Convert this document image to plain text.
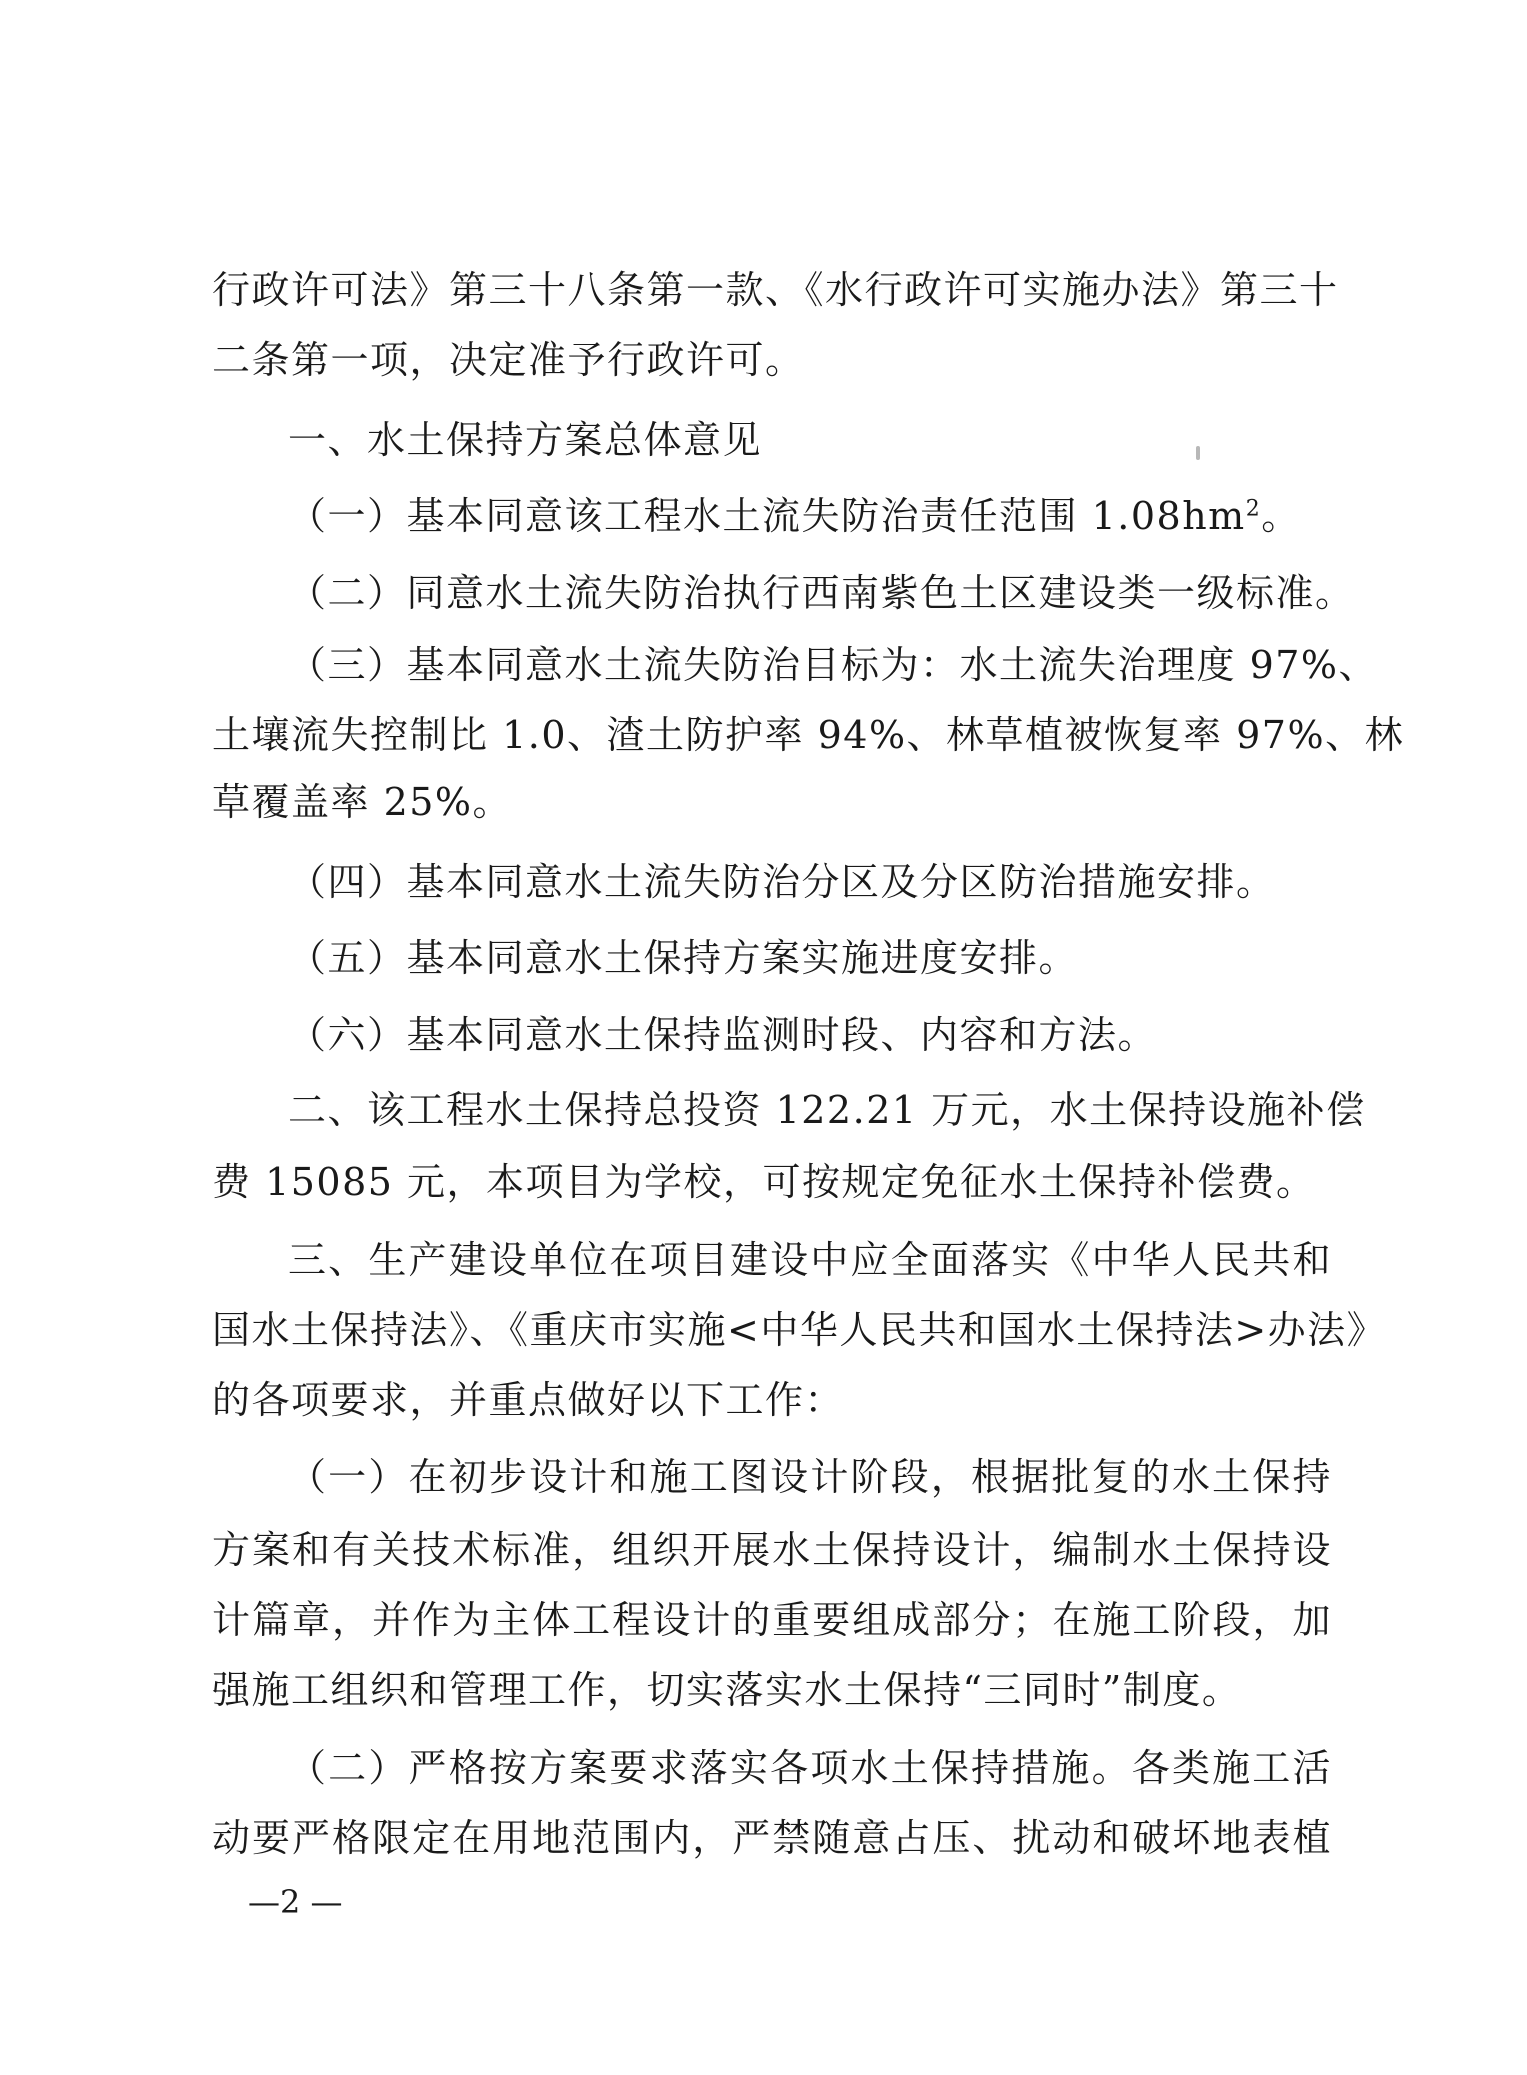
行政许可法》第三十八条第一款、《水行政许可实施办法》第三十
二条第一项，决定准予行政许可。
一、水土保持方案总体意见
（一）基本同意该工程水土流失防治责任范围 $1.08hm^2$。
（二）同意水土流失防治执行西南紫色土区建设类一级标准。
（三）基本同意水土流失防治目标为：水土流失治理度 97%、
土壤流失控制比 1.0、渣土防护率 94%、林草植被恢复率 97%、林
草覆盖率 25%。
（四）基本同意水土流失防治分区及分区防治措施安排。
（五）基本同意水土保持方案实施进度安排。
（六）基本同意水土保持监测时段、内容和方法。
二、该工程水土保持总投资 122.21 万元，水土保持设施补偿
费 15085 元，本项目为学校，可按规定免征水土保持补偿费。
三、生产建设单位在项目建设中应全面落实《中华人民共和
国水土保持法》、《重庆市实施<中华人民共和国水土保持法>办法》
的各项要求，并重点做好以下工作：
（一）在初步设计和施工图设计阶段，根据批复的水土保持
方案和有关技术标准，组织开展水土保持设计，编制水土保持设
计篇章，并作为主体工程设计的重要组成部分；在施工阶段，加
强施工组织和管理工作，切实落实水土保持“三同时”制度。
（二）严格按方案要求落实各项水土保持措施。各类施工活
动要严格限定在用地范围内，严禁随意占压、扰动和破坏地表植
—2 —
